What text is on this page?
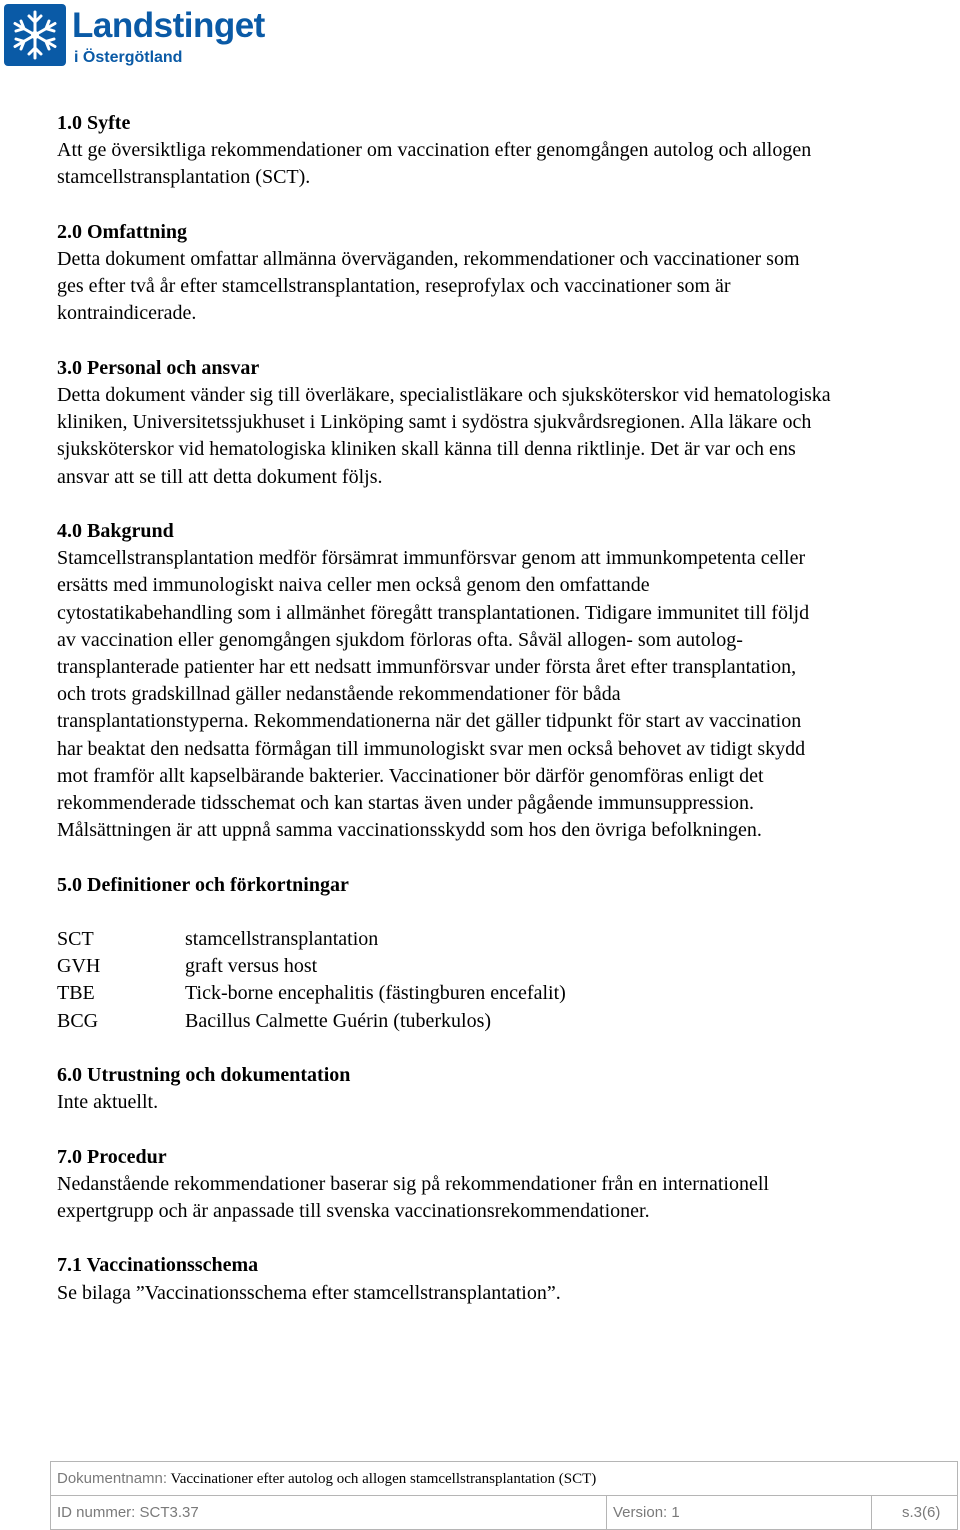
Landstinget
i Östergötland
1.0 Syfte
Att ge översiktliga rekommendationer om vaccination efter genomgången autolog och allogen
stamcellstransplantation (SCT).
2.0 Omfattning
Detta dokument omfattar allmänna överväganden, rekommendationer och vaccinationer som
ges efter två år efter stamcellstransplantation, reseprofylax och vaccinationer som är
kontraindicerade.
3.0 Personal och ansvar
Detta dokument vänder sig till överläkare, specialistläkare och sjuksköterskor vid hematologiska
kliniken, Universitetssjukhuset i Linköping samt i sydöstra sjukvårdsregionen. Alla läkare och
sjuksköterskor vid hematologiska kliniken skall känna till denna riktlinje. Det är var och ens
ansvar att se till att detta dokument följs.
4.0 Bakgrund
Stamcellstransplantation medför försämrat immunförsvar genom att immunkompetenta celler
ersätts med immunologiskt naiva celler men också genom den omfattande
cytostatikabehandling som i allmänhet föregått transplantationen. Tidigare immunitet till följd
av vaccination eller genomgången sjukdom förloras ofta. Såväl allogen- som autolog-
transplanterade patienter har ett nedsatt immunförsvar under första året efter transplantation,
och trots gradskillnad gäller nedanstående rekommendationer för båda
transplantationstyperna. Rekommendationerna när det gäller tidpunkt för start av vaccination
har beaktat den nedsatta förmågan till immunologiskt svar men också behovet av tidigt skydd
mot framför allt kapselbärande bakterier. Vaccinationer bör därför genomföras enligt det
rekommenderade tidsschemat och kan startas även under pågående immunsuppression.
Målsättningen är att uppnå samma vaccinationsskydd som hos den övriga befolkningen.
5.0 Definitioner och förkortningar
SCT	stamcellstransplantation
GVH	graft versus host
TBE	Tick-borne encephalitis (fästingburen encefalit)
BCG	Bacillus Calmette Guérin (tuberkulos)
6.0 Utrustning och dokumentation
Inte aktuellt.
7.0 Procedur
Nedanstående rekommendationer baserar sig på rekommendationer från en internationell
expertgrupp och är anpassade till svenska vaccinationsrekommendationer.
7.1 Vaccinationsschema
Se bilaga ”Vaccinationsschema efter stamcellstransplantation”.
Dokumentnamn: Vaccinationer efter autolog och allogen stamcellstransplantation (SCT)
ID nummer: SCT3.37	Version: 1	s.3(6)
